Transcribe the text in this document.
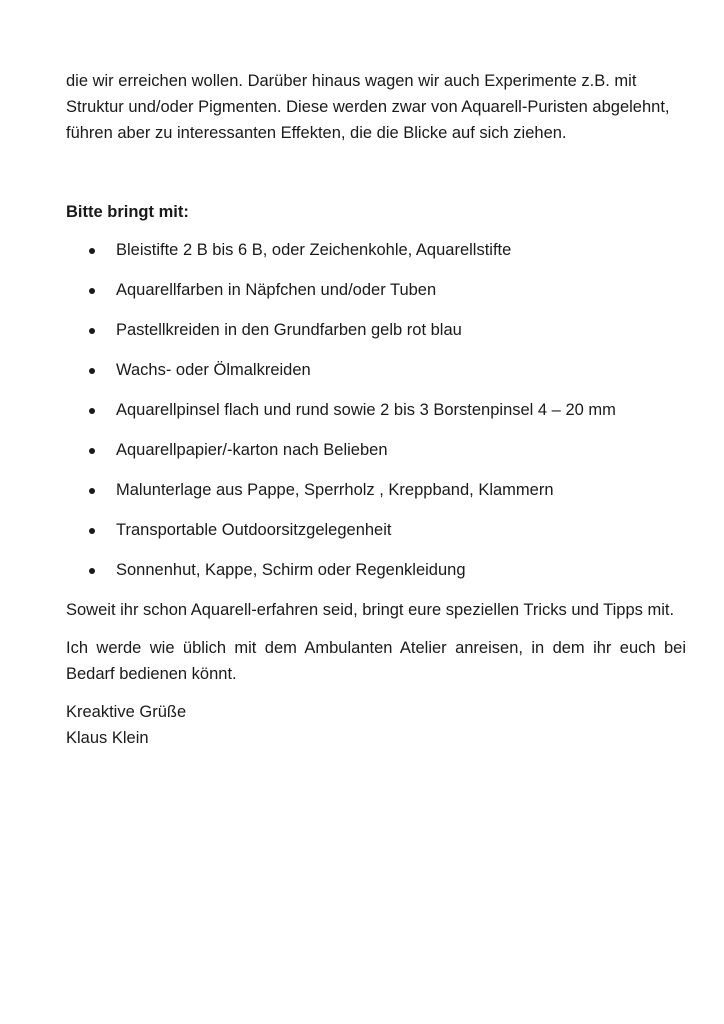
die wir erreichen wollen. Darüber hinaus wagen wir auch Experimente z.B. mit Struktur und/oder Pigmenten. Diese werden zwar von Aquarell-Puristen abgelehnt, führen aber zu interessanten Effekten, die die Blicke auf sich ziehen.

Bitte bringt mit:

Bleistifte 2 B bis 6 B, oder Zeichenkohle, Aquarellstifte
Aquarellfarben in Näpfchen und/oder Tuben
Pastellkreiden in den Grundfarben gelb rot blau
Wachs- oder Ölmalkreiden
Aquarellpinsel flach und rund sowie 2 bis 3 Borstenpinsel 4 – 20 mm
Aquarellpapier/-karton nach Belieben
Malunterlage aus Pappe, Sperrholz , Kreppband, Klammern
Transportable Outdoorsitzgelegenheit
Sonnenhut, Kappe, Schirm oder Regenkleidung

Soweit ihr schon Aquarell-erfahren seid, bringt eure speziellen Tricks und Tipps mit.

Ich werde wie üblich mit dem Ambulanten Atelier anreisen, in dem ihr euch bei Bedarf bedienen könnt.

Kreaktive Grüße

Klaus Klein
